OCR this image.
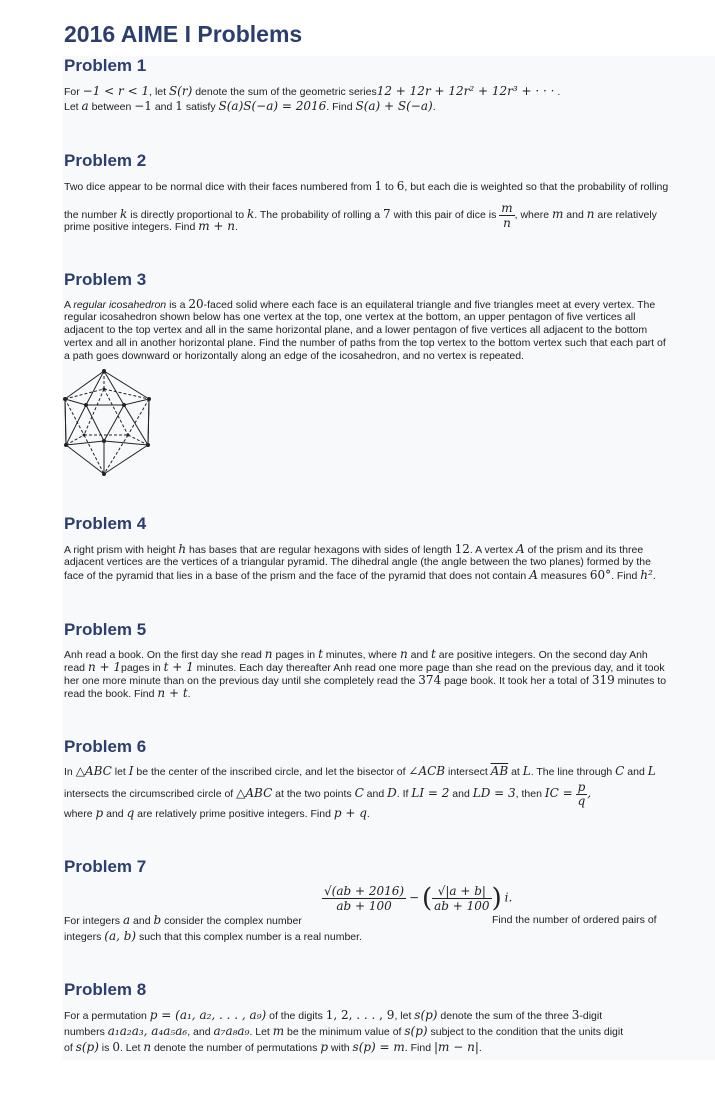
2016 AIME I Problems
Problem 1
For −1 < r < 1, let S(r) denote the sum of the geometric series12 + 12r + 12r² + 12r³ + · · · .
Let a between −1 and 1 satisfy S(a)S(−a) = 2016. Find S(a) + S(−a).
Problem 2
Two dice appear to be normal dice with their faces numbered from 1 to 6, but each die is weighted so that the probability of rolling
the number k is directly proportional to k. The probability of rolling a 7 with this pair of dice is $\frac{m}{n}$ , where m and n are relatively
prime positive integers. Find m + n.
Problem 3
A regular icosahedron is a 20-faced solid where each face is an equilateral triangle and five triangles meet at every vertex. The
regular icosahedron shown below has one vertex at the top, one vertex at the bottom, an upper pentagon of five vertices all
adjacent to the top vertex and all in the same horizontal plane, and a lower pentagon of five vertices all adjacent to the bottom
vertex and all in another horizontal plane. Find the number of paths from the top vertex to the bottom vertex such that each part of
a path goes downward or horizontally along an edge of the icosahedron, and no vertex is repeated.
Problem 4
A right prism with height h has bases that are regular hexagons with sides of length 12. A vertex A of the prism and its three
adjacent vertices are the vertices of a triangular pyramid. The dihedral angle (the angle between the two planes) formed by the
face of the pyramid that lies in a base of the prism and the face of the pyramid that does not contain A measures 60°. Find h².
Problem 5
Anh read a book. On the first day she read n pages in t minutes, where n and t are positive integers. On the second day Anh
read n + 1pages in t + 1 minutes. Each day thereafter Anh read one more page than she read on the previous day, and it took
her one more minute than on the previous day until she completely read the 374 page book. It took her a total of 319 minutes to
read the book. Find n + t.
Problem 6
In △ABC let I be the center of the inscribed circle, and let the bisector of ∠ACB intersect $\overline{AB}$ at L. The line through C and L
intersects the circumscribed circle of △ABC at the two points C and D. If LI = 2 and LD = 3, then IC = $\frac{p}{q}$ ,
where p and q are relatively prime positive integers. Find p + q.
Problem 7
$\frac{√(ab + 2016)}{ab + 100}$ − ( $\frac{√|a + b|}{ab + 100}$ ) i.
For integers a and b consider the complex number	Find the number of ordered pairs of
integers (a, b) such that this complex number is a real number.
Problem 8
For a permutation p = (a₁, a₂, . . . , a₉) of the digits 1, 2, . . . , 9, let s(p) denote the sum of the three 3-digit
numbers a₁a₂a₃, a₄a₅a₆, and a₇a₈a₉. Let m be the minimum value of s(p) subject to the condition that the units digit
of s(p) is 0. Let n denote the number of permutations p with s(p) = m. Find |m − n|.
